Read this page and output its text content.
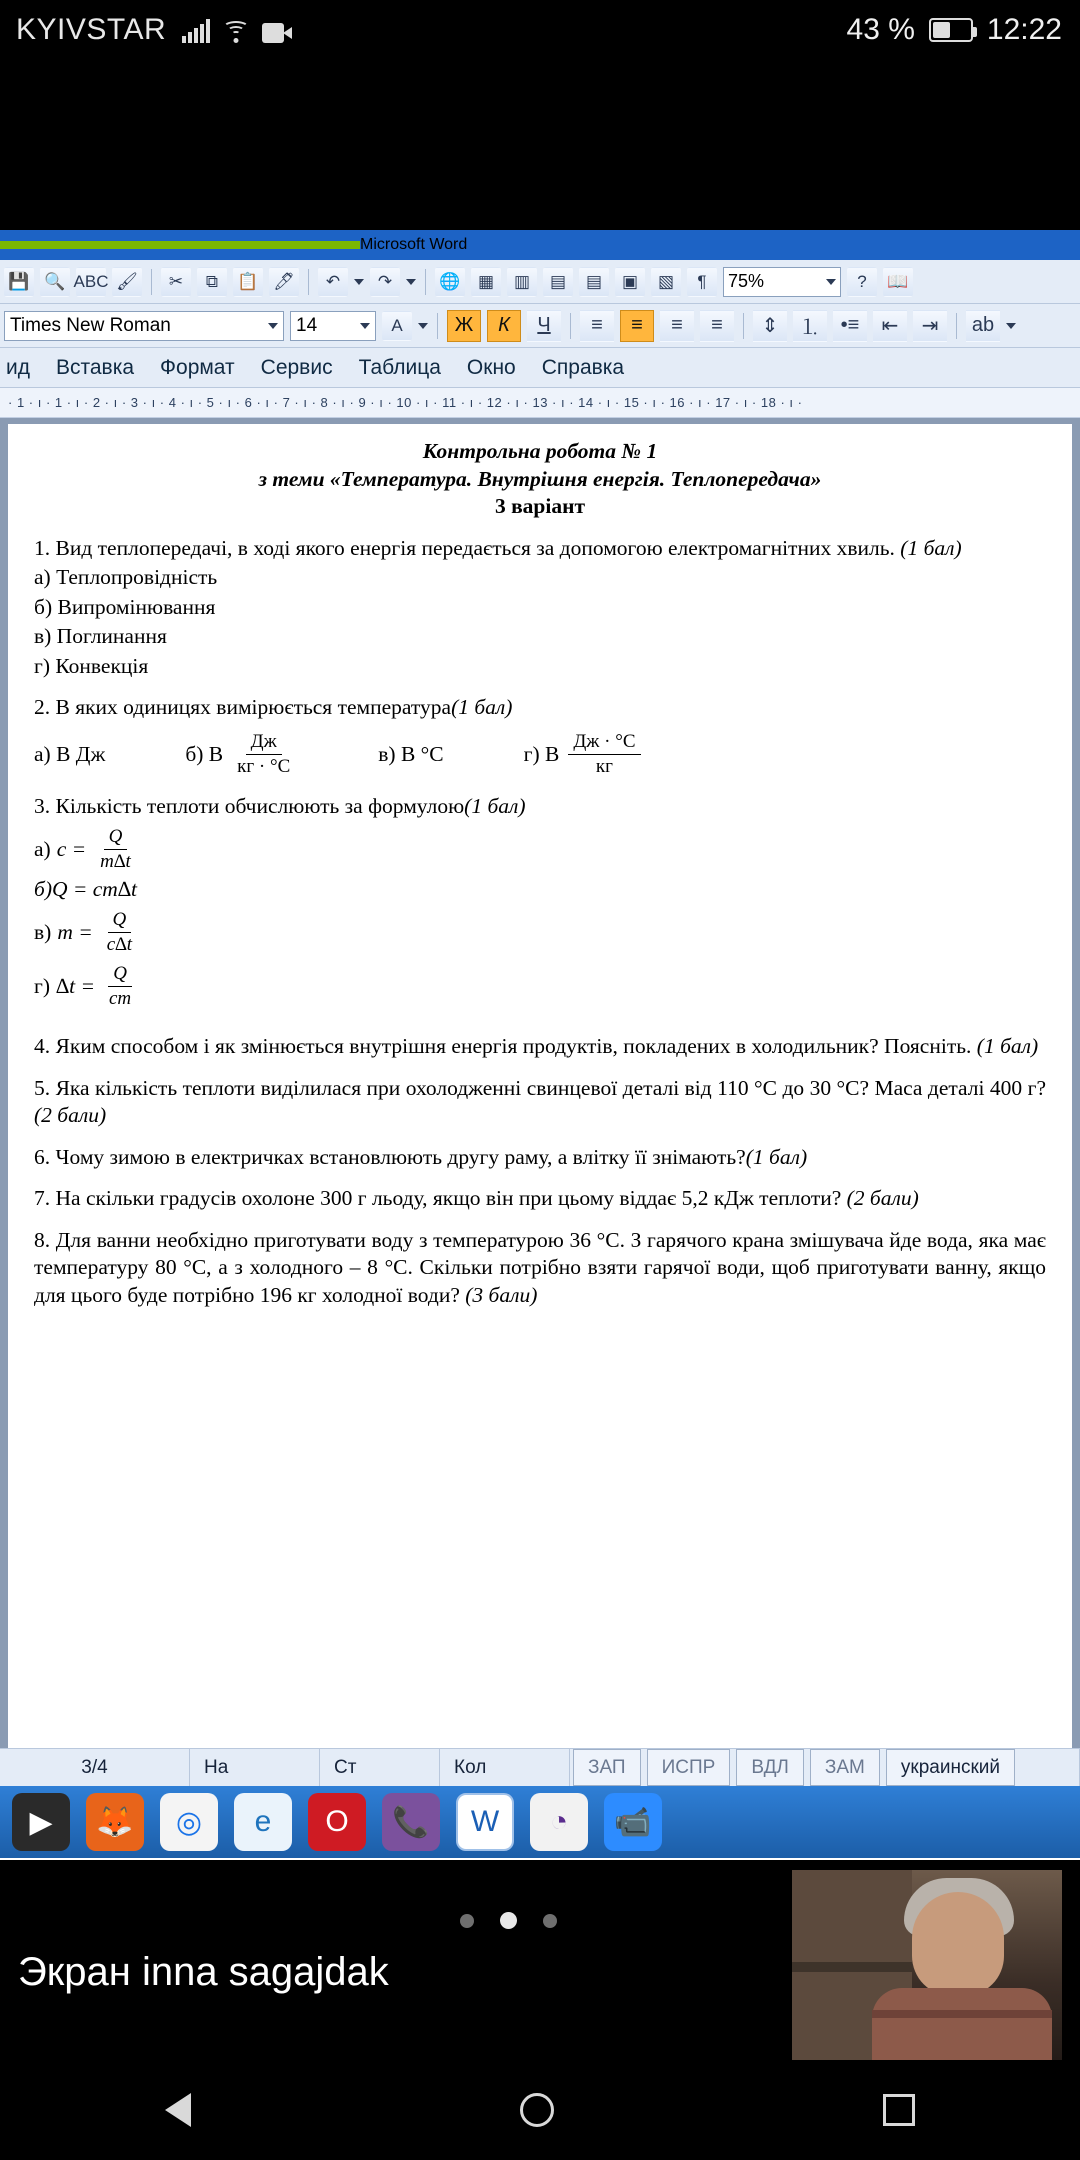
KYIVSTAR	43 % 12:22
Microsoft Word
💾 🔍 ABC 🖌	✂	⧉	📋 🖊	↶	↷	🌐	▦	▥	▤	▤	▣	▧	¶	75%	?	📖
Times New Roman	14	A	Ж	К	Ч	≡	≡	≡	≡	⇕	⒈	•≡	⇤	⇥	ab
ид Вставка Формат Сервис Таблица Окно Справка
· 1 · ı · 1 · ı · 2 · ı · 3 · ı · 4 · ı · 5 · ı · 6 · ı · 7 · ı · 8 · ı · 9 · ı · 10 · ı · 11 · ı · 12 · ı · 13 · ı · 14 · ı · 15 · ı · 16 · ı · 17 · ı · 18 · ı ·
Контрольна робота № 1
з теми «Температура. Внутрішня енергія. Теплопередача»
3 варіант
1. Вид теплопередачі, в ході якого енергія передається за допомогою електромагнітних хвиль. (1 бал)
а) Теплопровідність
б) Випромінювання
в) Поглинання
г) Конвекція
2. В яких одиницях вимірюється температура(1 бал)
а) В Дж	б) В $\frac{Дж}{кг \cdot ^\circ С}$	в) В °С	г) В $\frac{Дж \cdot ^\circ С}{кг}$
3. Кількість теплоти обчислюють за формулою(1 бал)
а) $c = \frac{Q}{m\Delta t}$
б)Q = cm∆t
в) $m = \frac{Q}{c\Delta t}$
г) $\Delta t = \frac{Q}{cm}$
4. Яким способом і як змінюється внутрішня енергія продуктів, покладених в холодильник? Поясніть. (1 бал)
5. Яка кількість теплоти виділилася при охолодженні свинцевої деталі від 110 °С до 30 °С? Маса деталі 400 г? (2 бали)
6. Чому зимою в електричках встановлюють другу раму, а влітку її знімають?(1 бал)
7. На скільки градусів охолоне 300 г льоду, якщо він при цьому віддає 5,2 кДж теплоти? (2 бали)
8. Для ванни необхідно приготувати воду з температурою 36 °С. З гарячого крана змішувача йде вода, яка має температуру 80 °С, а з холодного – 8 °С. Скільки потрібно взяти гарячої води, щоб приготувати ванну, якщо для цього буде потрібно 196 кг холодної води? (3 бали)
3/4	На	Ст	Кол	ЗАП	ИСПР	ВДЛ	ЗАМ	украинский
▶	🦊	◎	e	O	📞	W	◔	📹
Экран inna sagajdak
